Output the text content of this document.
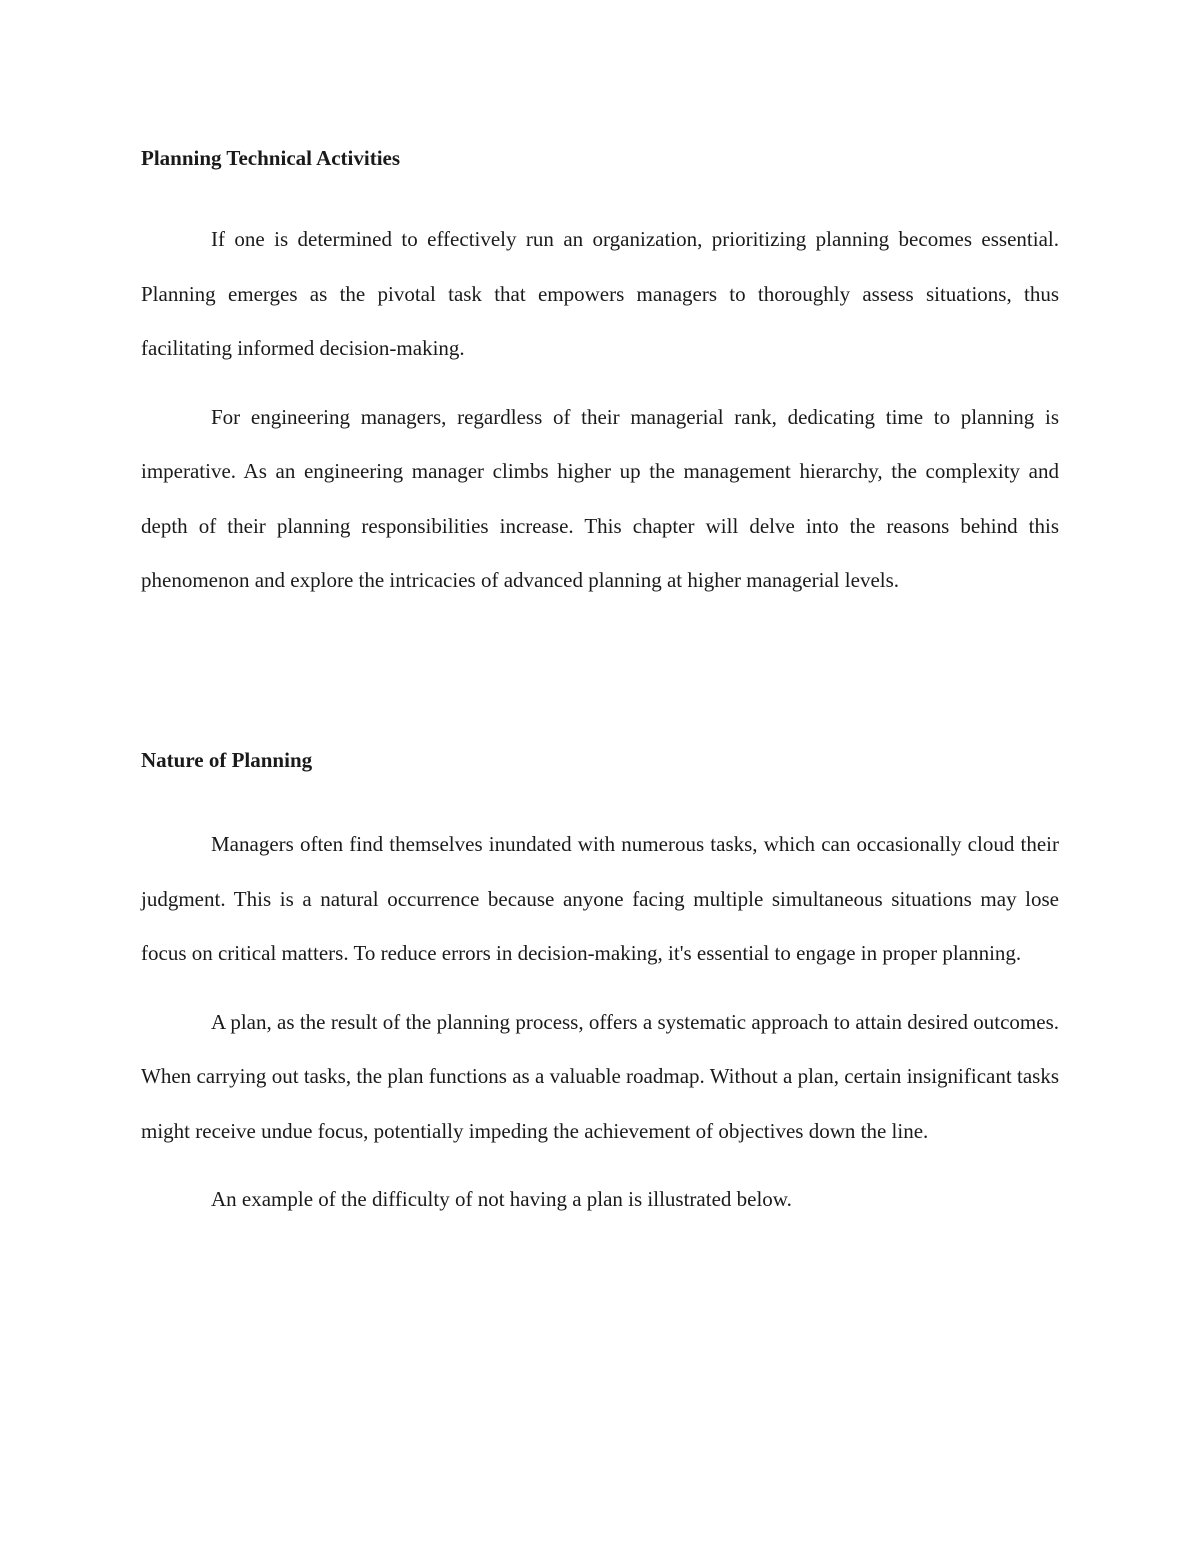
Planning Technical Activities

If one is determined to effectively run an organization, prioritizing planning becomes essential. Planning emerges as the pivotal task that empowers managers to thoroughly assess situations, thus facilitating informed decision-making.

For engineering managers, regardless of their managerial rank, dedicating time to planning is imperative. As an engineering manager climbs higher up the management hierarchy, the complexity and depth of their planning responsibilities increase. This chapter will delve into the reasons behind this phenomenon and explore the intricacies of advanced planning at higher managerial levels.

Nature of Planning

Managers often find themselves inundated with numerous tasks, which can occasionally cloud their judgment. This is a natural occurrence because anyone facing multiple simultaneous situations may lose focus on critical matters. To reduce errors in decision-making, it's essential to engage in proper planning.

A plan, as the result of the planning process, offers a systematic approach to attain desired outcomes. When carrying out tasks, the plan functions as a valuable roadmap. Without a plan, certain insignificant tasks might receive undue focus, potentially impeding the achievement of objectives down the line.

An example of the difficulty of not having a plan is illustrated below.
